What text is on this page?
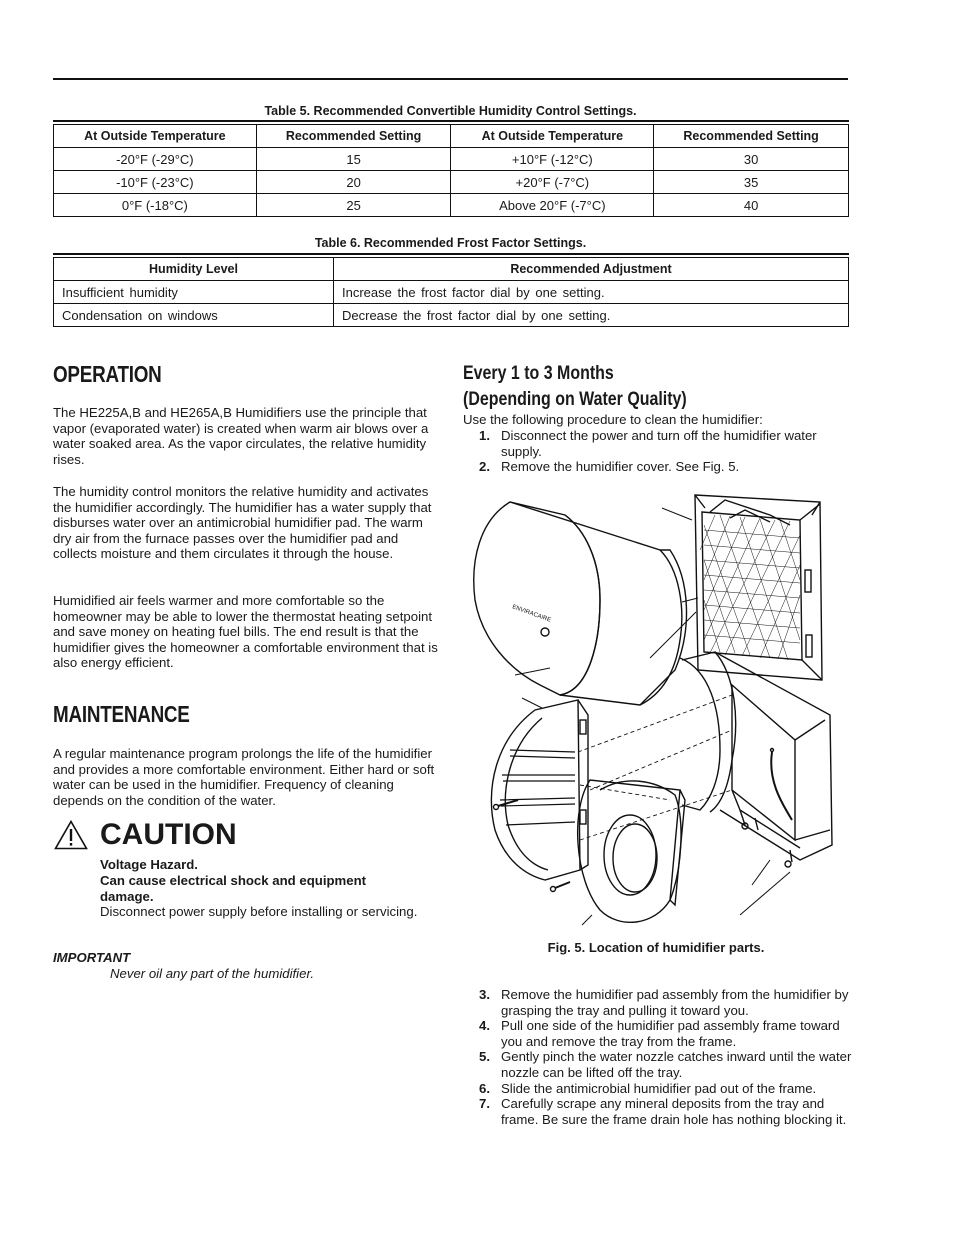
Table 5. Recommended Convertible Humidity Control Settings.
At Outside Temperature	Recommended Setting	At Outside Temperature	Recommended Setting
-20°F (-29°C)	15	+10°F (-12°C)	30
-10°F (-23°C)	20	+20°F (-7°C)	35
0°F (-18°C)	25	Above 20°F (-7°C)	40
Table 6. Recommended Frost Factor Settings.
Humidity Level	Recommended Adjustment
Insufficient humidity	Increase the frost factor dial by one setting.
Condensation on windows	Decrease the frost factor dial by one setting.
OPERATION

The HE225A,B and HE265A,B Humidifiers use the principle that vapor (evaporated water) is created when warm air blows over a water soaked area. As the vapor circulates, the relative humidity rises.

The humidity control monitors the relative humidity and activates the humidifier accordingly. The humidifier has a water supply that disburses water over an antimicrobial humidifier pad. The warm dry air from the furnace passes over the humidifier pad and collects moisture and them circulates it through the house.

Humidified air feels warmer and more comfortable so the homeowner may be able to lower the thermostat heating setpoint and save money on heating fuel bills. The end result is that the humidifier gives the homeowner a comfortable environment that is also energy efficient.

MAINTENANCE

A regular maintenance program prolongs the life of the humidifier and provides a more comfortable environment. Either hard or soft water can be used in the humidifier. Frequency of cleaning depends on the condition of the water.

CAUTION
Voltage Hazard.
Can cause electrical shock and equipment damage.
Disconnect power supply before installing or servicing.
IMPORTANT
Never oil any part of the humidifier.
Every 1 to 3 Months
(Depending on Water Quality)

Use the following procedure to clean the humidifier:

1. Disconnect the power and turn off the humidifier water supply.
2. Remove the humidifier cover. See Fig. 5.
ENVIRACAIRE
Fig. 5. Location of humidifier parts.
3. Remove the humidifier pad assembly from the humidifier by grasping the tray and pulling it toward you.
4. Pull one side of the humidifier pad assembly frame toward you and remove the tray from the frame.
5. Gently pinch the water nozzle catches inward until the water nozzle can be lifted off the tray.
6. Slide the antimicrobial humidifier pad out of the frame.
7. Carefully scrape any mineral deposits from the tray and frame. Be sure the frame drain hole has nothing blocking it.
